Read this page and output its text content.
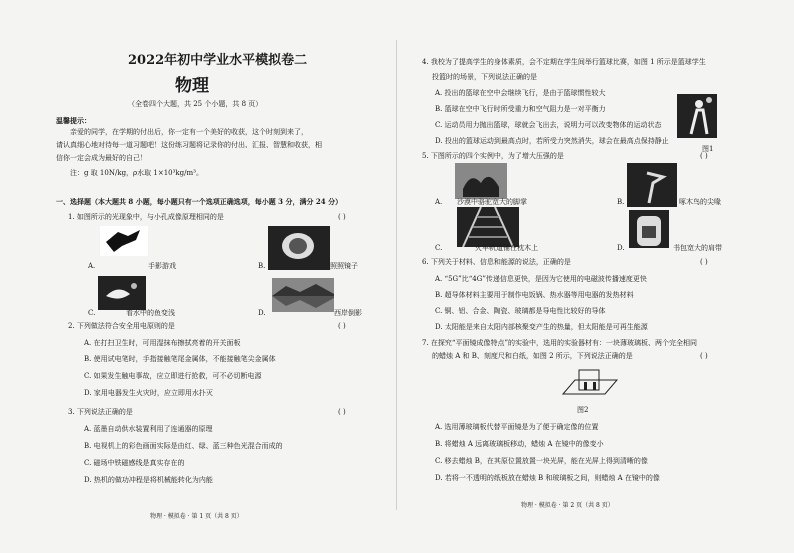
2022年初中学业水平模拟卷二
物理
（全卷四个大题，共 25 个小题，共 8 页）
温馨提示：
亲爱的同学，在学期的付出后，你一定有一个美好的收获，这个时刻到来了，
请认真细心地对待每一道习题吧！这份练习题将记录你的付出、汇报、智慧和收获，相
信你一定会成为最好的自己！
注：g 取 10N/kg，ρ水取 1×10³kg/m³。
一、选择题（本大题共 8 小题，每小题只有一个选项正确选项，每小题 3 分，满分 24 分）
1. 如图所示的光现象中，与小孔成像原理相同的是	( )
A.	手影游戏	B.	照照镜子
C.	看水中的鱼变浅	D.	西岸倒影
2. 下列做法符合安全用电原则的是	( )
A. 在打扫卫生时，可用湿抹布擦拭亮着的开关面板
B. 使用试电笔时，手指接触笔尾金属体，不能接触笔尖金属体
C. 如果发生触电事故，应立即进行抢救，可不必切断电源
D. 家用电器发生火灾时，应立即用水扑灭
3. 下列说法正确的是	( )
A. 蓝墨自动供水装置利用了连通器的原理
B. 电视机上的彩色画面实际是由红、绿、蓝三种色光混合而成的
C. 磁场中铁磁感线是真实存在的
D. 热机的做功冲程是将机械能转化为内能
物理 · 模拟卷 · 第 1 页（共 8 页）
4. 我校为了提高学生的身体素质，会不定期在学生间举行篮球比赛，如图 1 所示是篮球学生
投篮时的场景，下列说法正确的是
A. 投出的篮球在空中会继续飞行，是由于篮球惯性较大
B. 篮球在空中飞行时所受重力和空气阻力是一对平衡力
C. 运动员用力抛出篮球，球就会飞出去，说明力可以改变物体的运动状态
D. 投出的篮球运动到最高点时，若所受力突然消失，球会在最高点保持静止
图1
5. 下图所示的四个实例中，为了增大压强的是	( )
A. 沙漠中骆驼宽大的脚掌	B.	啄木鸟的尖喙
C.	火车轨道铺在枕木上	D.	书包宽大的肩带
6. 下列关于材料、信息和能源的说法，正确的是	( )
A. “5G”比“4G”传递信息更快，是因为它使用的电磁波传播速度更快
B. 超导体材料主要用于制作电饭锅、热水器等用电器的发热材料
C. 铜、铝、合金、陶瓷、玻璃都是导电性比较好的导体
D. 太阳能是来自太阳内部核聚变产生的热量，但太阳能是可再生能源
7. 在探究“平面镜成像特点”的实验中，选用的实验器材有：一块薄玻璃板、两个完全相同
的蜡烛 A 和 B、刻度尺和白纸，如图 2 所示，下列说法正确的是	( )
图2
A. 选用薄玻璃板代替平面镜是为了便于确定像的位置
B. 将蜡烛 A 远离玻璃板移动，蜡烛 A 在镜中的像变小
C. 移去蜡烛 B，在其原位置放置一块光屏，能在光屏上得到清晰的像
D. 若将一不透明的纸板放在蜡烛 B 和玻璃板之间，则蜡烛 A 在镜中的像
物理 · 模拟卷 · 第 2 页（共 8 页）
